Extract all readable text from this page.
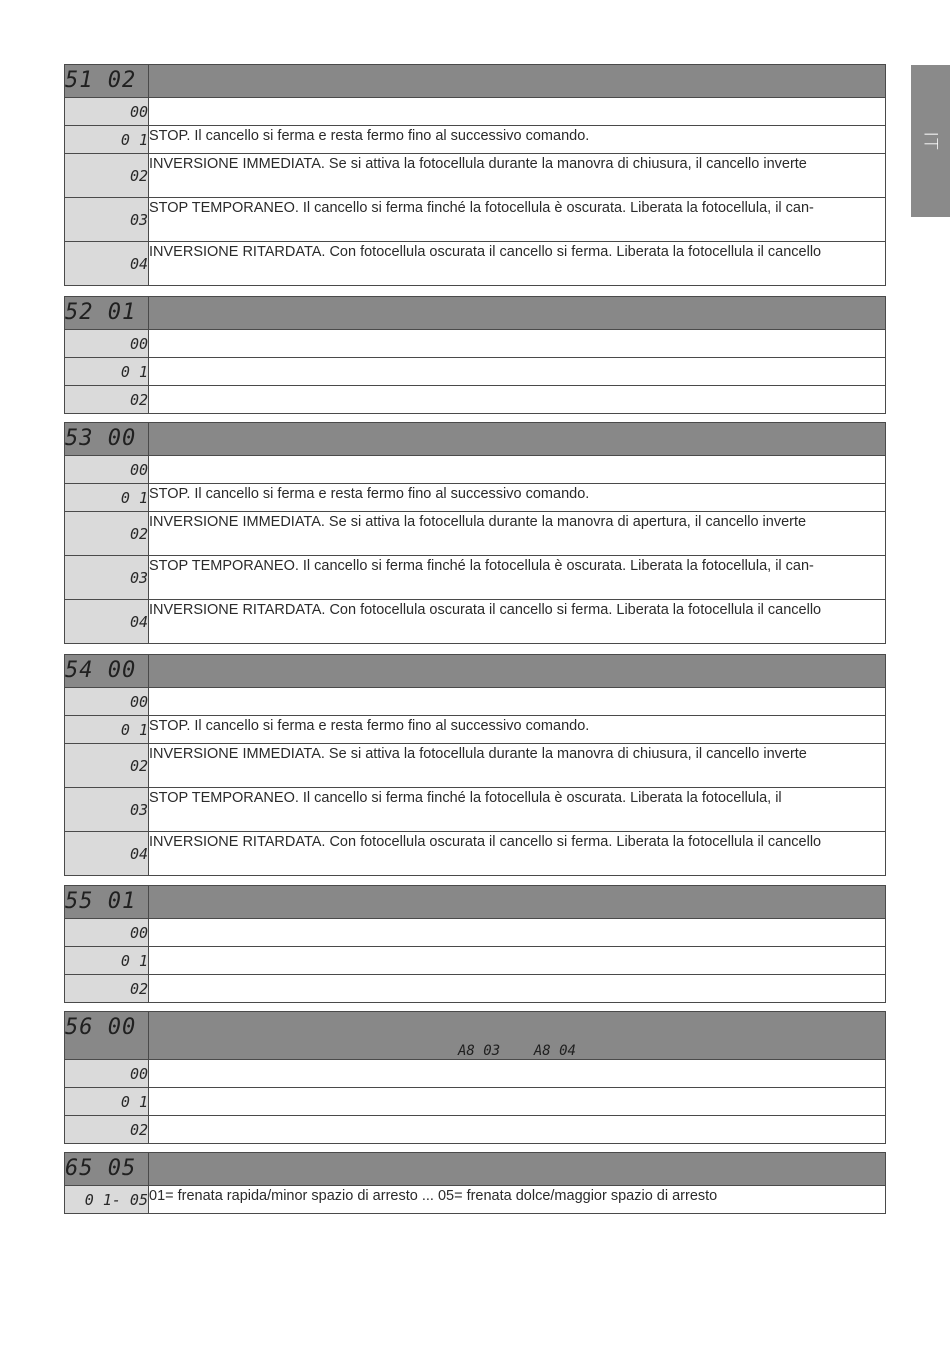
IT
51 02	
00	
0 1	STOP. Il cancello si ferma e resta fermo fino al successivo comando.
02	INVERSIONE IMMEDIATA. Se si attiva la fotocellula durante la manovra di chiusura, il cancello inverte
03	STOP TEMPORANEO. Il cancello si ferma finché la fotocellula è oscurata. Liberata la fotocellula, il can-
04	INVERSIONE RITARDATA. Con fotocellula oscurata il cancello si ferma. Liberata la fotocellula il cancello
52 01	
00	
0 1	
02	
53 00	
00	
0 1	STOP. Il cancello si ferma e resta fermo fino al successivo comando.
02	INVERSIONE IMMEDIATA. Se si attiva la fotocellula durante la manovra di apertura, il cancello inverte
03	STOP TEMPORANEO. Il cancello si ferma finché la fotocellula è oscurata. Liberata la fotocellula, il can-
04	INVERSIONE RITARDATA. Con fotocellula oscurata il cancello si ferma. Liberata la fotocellula il cancello
54 00	
00	
0 1	STOP. Il cancello si ferma e resta fermo fino al successivo comando.
02	INVERSIONE IMMEDIATA. Se si attiva la fotocellula durante la manovra di chiusura, il cancello inverte
03	STOP TEMPORANEO. Il cancello si ferma finché la fotocellula è oscurata. Liberata la fotocellula, il
04	INVERSIONE RITARDATA. Con fotocellula oscurata il cancello si ferma. Liberata la fotocellula il cancello
55 01	
00	
0 1	
02	
56 00	A8 03    A8 04
00	
0 1	
02	
65 05	
0 1- 05	01= frenata rapida/minor spazio di arresto ... 05= frenata dolce/maggior spazio di arresto
